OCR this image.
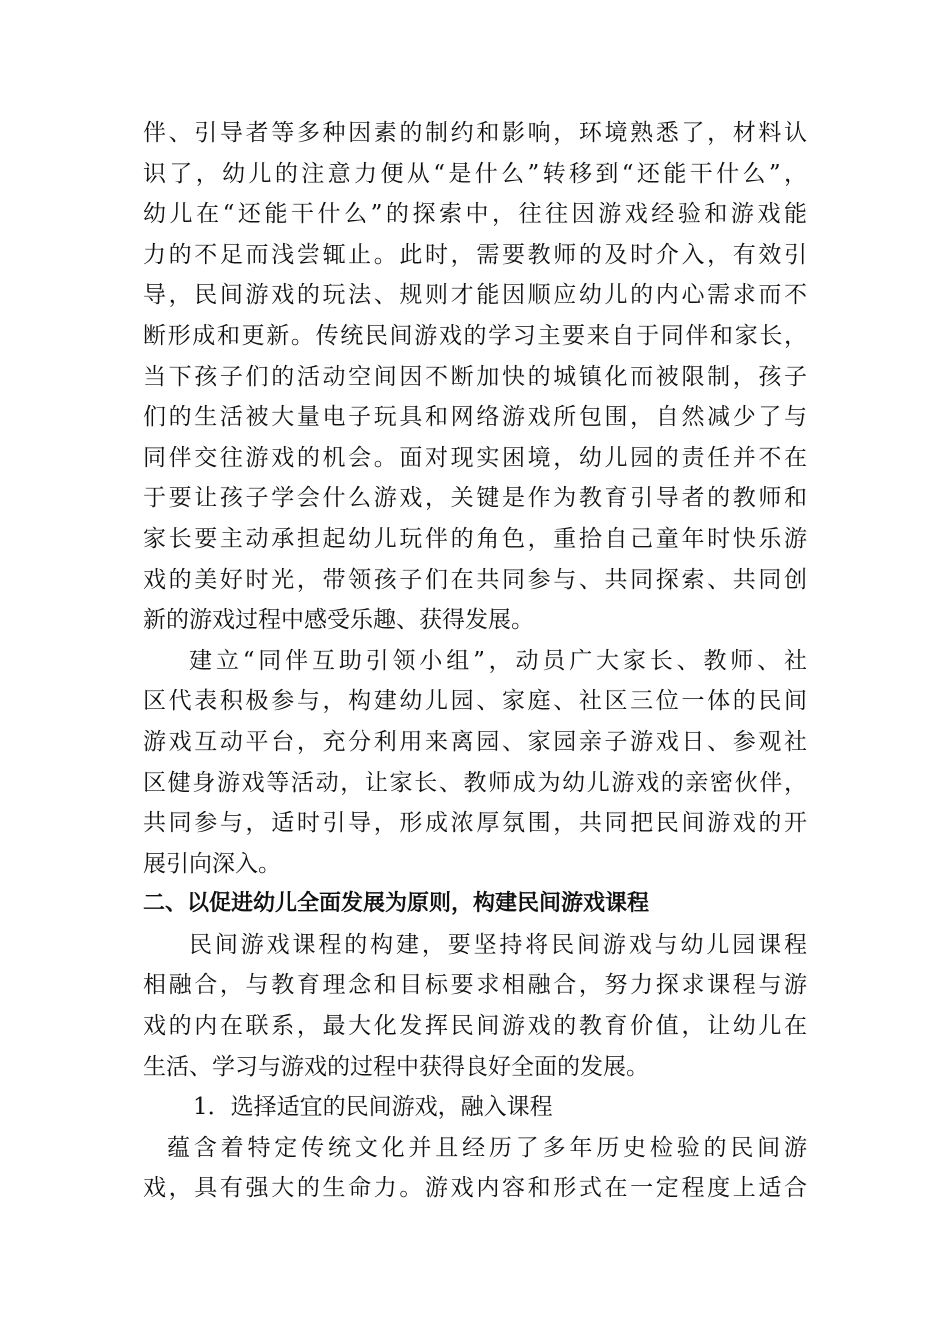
伴、引导者等多种因素的制约和影响，环境熟悉了，材料认
识了，幼儿的注意力便从“是什么”转移到“还能干什么”，
幼儿在“还能干什么”的探索中，往往因游戏经验和游戏能
力的不足而浅尝辄止。此时，需要教师的及时介入，有效引
导，民间游戏的玩法、规则才能因顺应幼儿的内心需求而不
断形成和更新。传统民间游戏的学习主要来自于同伴和家长，
当下孩子们的活动空间因不断加快的城镇化而被限制，孩子
们的生活被大量电子玩具和网络游戏所包围，自然减少了与
同伴交往游戏的机会。面对现实困境，幼儿园的责任并不在
于要让孩子学会什么游戏，关键是作为教育引导者的教师和
家长要主动承担起幼儿玩伴的角色，重拾自己童年时快乐游
戏的美好时光，带领孩子们在共同参与、共同探索、共同创
新的游戏过程中感受乐趣、获得发展。
建立“同伴互助引领小组”，动员广大家长、教师、社
区代表积极参与，构建幼儿园、家庭、社区三位一体的民间
游戏互动平台，充分利用来离园、家园亲子游戏日、参观社
区健身游戏等活动，让家长、教师成为幼儿游戏的亲密伙伴，
共同参与，适时引导，形成浓厚氛围，共同把民间游戏的开
展引向深入。
二、以促进幼儿全面发展为原则，构建民间游戏课程
民间游戏课程的构建，要坚持将民间游戏与幼儿园课程
相融合，与教育理念和目标要求相融合，努力探求课程与游
戏的内在联系，最大化发挥民间游戏的教育价值，让幼儿在
生活、学习与游戏的过程中获得良好全面的发展。
1．选择适宜的民间游戏，融入课程
蕴含着特定传统文化并且经历了多年历史检验的民间游
戏，具有强大的生命力。游戏内容和形式在一定程度上适合
